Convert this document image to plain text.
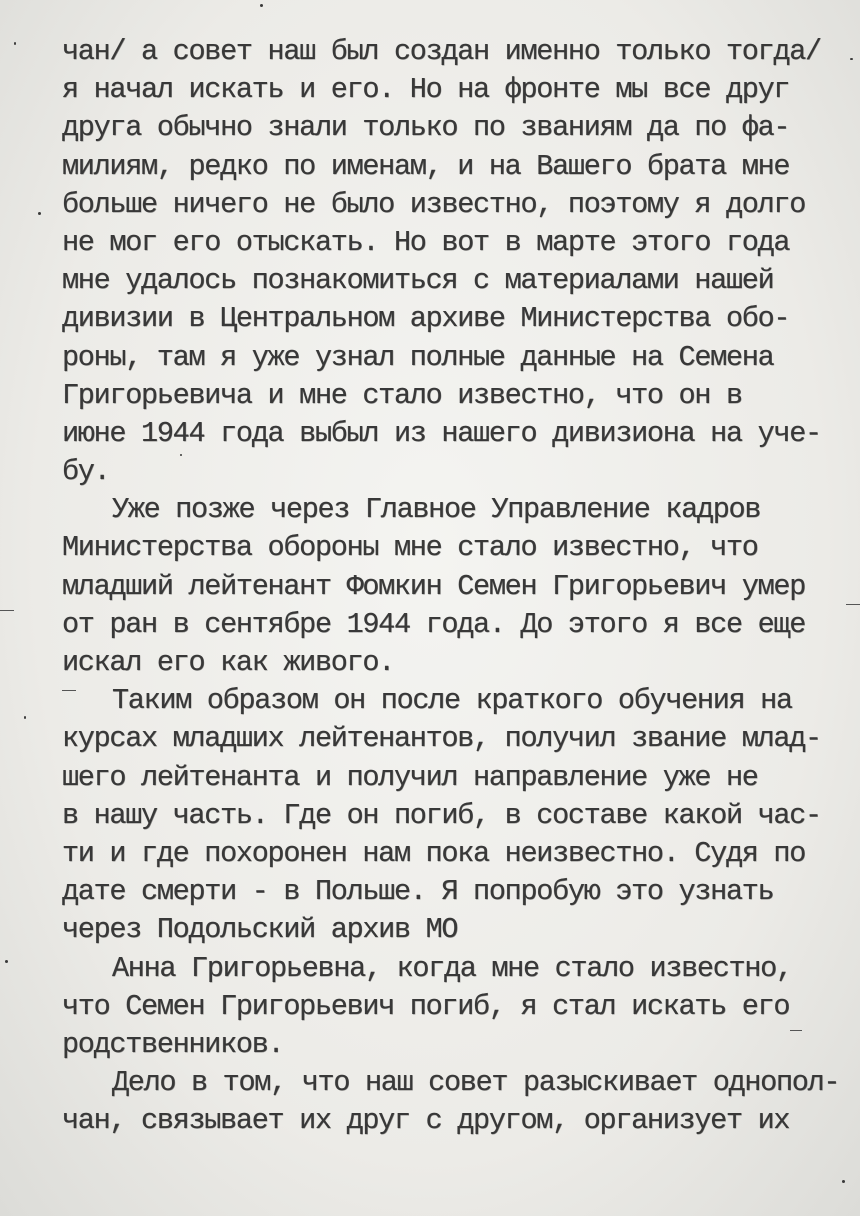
чан/ а совет наш был создан именно только тогда/
я начал искать и его. Но на фронте мы все друг
друга обычно знали только по званиям да по фа-
милиям, редко по именам, и на Вашего брата мне
больше ничего не было известно, поэтому я долго
не мог его отыскать. Но вот в марте этого года
мне удалось познакомиться с материалами нашей
дивизии в Центральном архиве Министерства обо-
роны, там я уже узнал полные данные на Семена
Григорьевича и мне стало известно, что он в
июне 1944 года выбыл из нашего дивизиона на уче-
бу.
Уже позже через Главное Управление кадров
Министерства обороны мне стало известно, что
младший лейтенант Фомкин Семен Григорьевич умер
от ран в сентябре 1944 года. До этого я все еще
искал его как живого.
Таким образом он после краткого обучения на
курсах младших лейтенантов, получил звание млад-
шего лейтенанта и получил направление уже не
в нашу часть. Где он погиб, в составе какой час-
ти и где похоронен нам пока неизвестно. Судя по
дате смерти - в Польше. Я попробую это узнать
через Подольский архив МО
Анна Григорьевна, когда мне стало известно,
что Семен Григорьевич погиб, я стал искать его
родственников.
Дело в том, что наш совет разыскивает однопол-
чан, связывает их друг с другом, организует их
